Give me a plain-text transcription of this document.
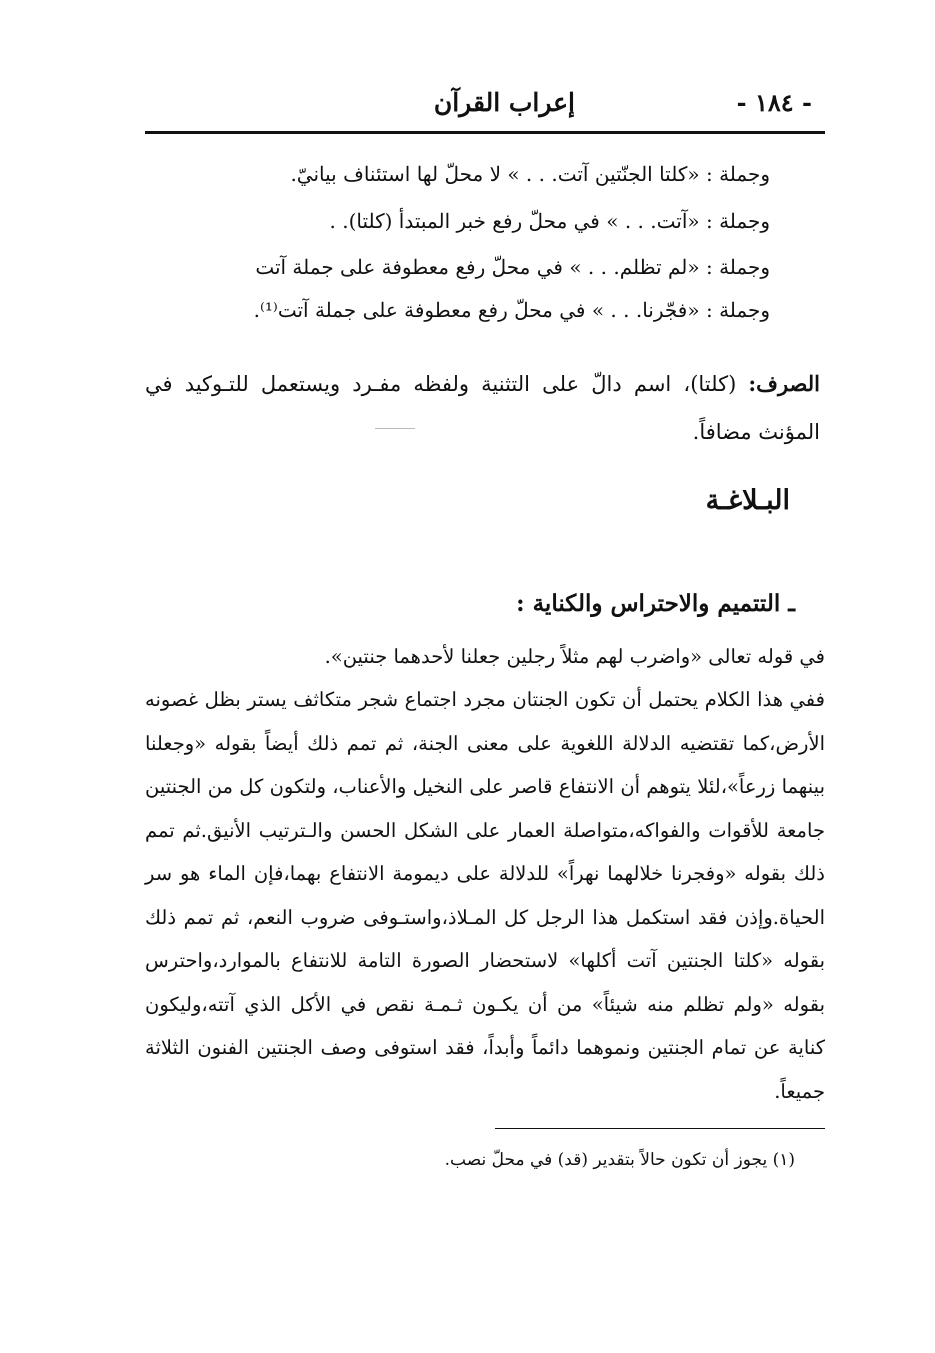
- ١٨٤ -
إعراب القرآن
وجملة : «كلتا الجنّتين آتت. . . » لا محلّ لها استئناف بيانيّ.
وجملة : «آتت. . . » في محلّ رفع خبر المبتدأ (كلتا). .
وجملة : «لم تظلم. . . » في محلّ رفع معطوفة على جملة آتت
وجملة : «فجّرنا. . . » في محلّ رفع معطوفة على جملة آتت⁽¹⁾.
الصرف: (كلتا)، اسم دالّ على التثنية ولفظه مفـرد ويستعمل للتـوكيد في المؤنث مضافاً.
البـلاغـة
ـ التتميم والاحتراس والكناية :
في قوله تعالى «واضرب لهم مثلاً رجلين جعلنا لأحدهما جنتين».
ففي هذا الكلام يحتمل أن تكون الجنتان مجرد اجتماع شجر متكاثف يستر بظل غصونه الأرض،كما تقتضيه الدلالة اللغوية على معنى الجنة، ثم تمم ذلك أيضاً بقوله «وجعلنا بينهما زرعاً»،لئلا يتوهم أن الانتفاع قاصر على النخيل والأعناب، ولتكون كل من الجنتين جامعة للأقوات والفواكه،متواصلة العمار على الشكل الحسن والـترتيب الأنيق.ثم تمم ذلك بقوله «وفجرنا خلالهما نهراً» للدلالة على ديمومة الانتفاع بهما،فإن الماء هو سر الحياة.وإذن فقد استكمل هذا الرجل كل المـلاذ،واستـوفى ضروب النعم، ثم تمم ذلك بقوله «كلتا الجنتين آتت أكلها» لاستحضار الصورة التامة للانتفاع بالموارد،واحترس بقوله «ولم تظلم منه شيئاً» من أن يكـون ثـمـة نقص في الأكل الذي آتته،وليكون كناية عن تمام الجنتين ونموهما دائماً وأبداً، فقد استوفى وصف الجنتين الفنون الثلاثة جميعاً.
(١) يجوز أن تكون حالاً بتقدير (قد) في محلّ نصب.
